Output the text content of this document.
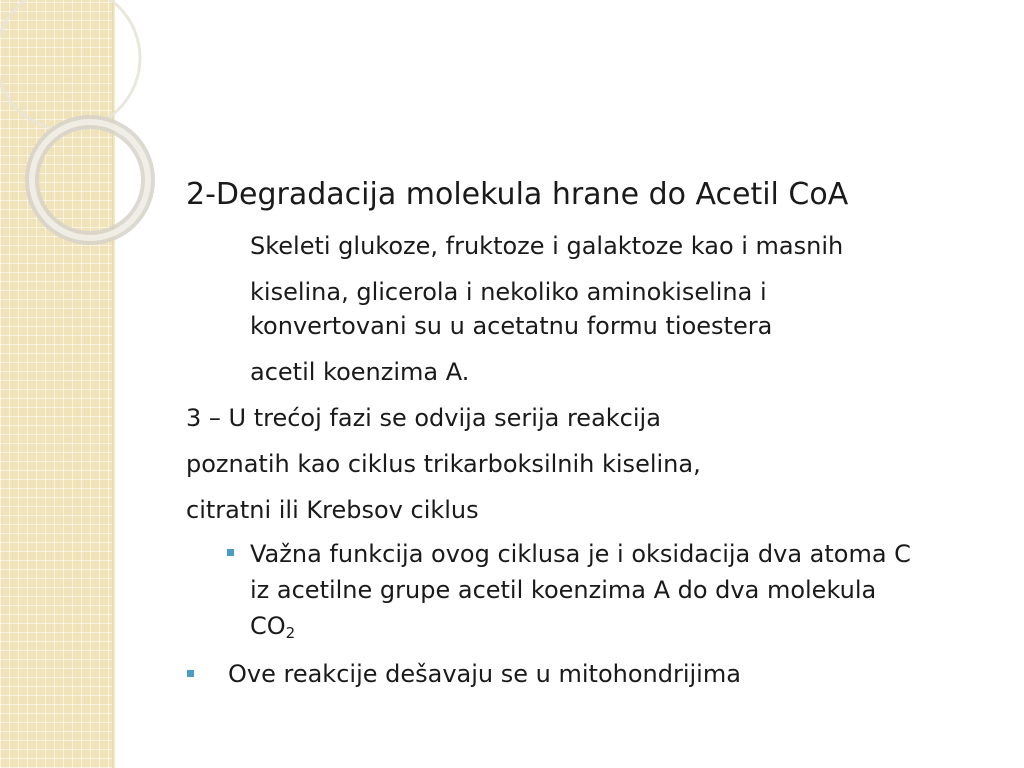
2-Degradacija molekula hrane do Acetil CoA
Skeleti glukoze, fruktoze i galaktoze kao i masnih
kiselina, glicerola i nekoliko aminokiselina i
konvertovani su u acetatnu formu tioestera
acetil koenzima A.
3 – U trećoj fazi se odvija serija reakcija
poznatih kao ciklus trikarboksilnih kiselina,
citratni ili Krebsov ciklus
Važna funkcija ovog ciklusa je i oksidacija dva atoma C
iz acetilne grupe acetil koenzima A do dva molekula
$CO_2$
Ove reakcije dešavaju se u mitohondrijima
